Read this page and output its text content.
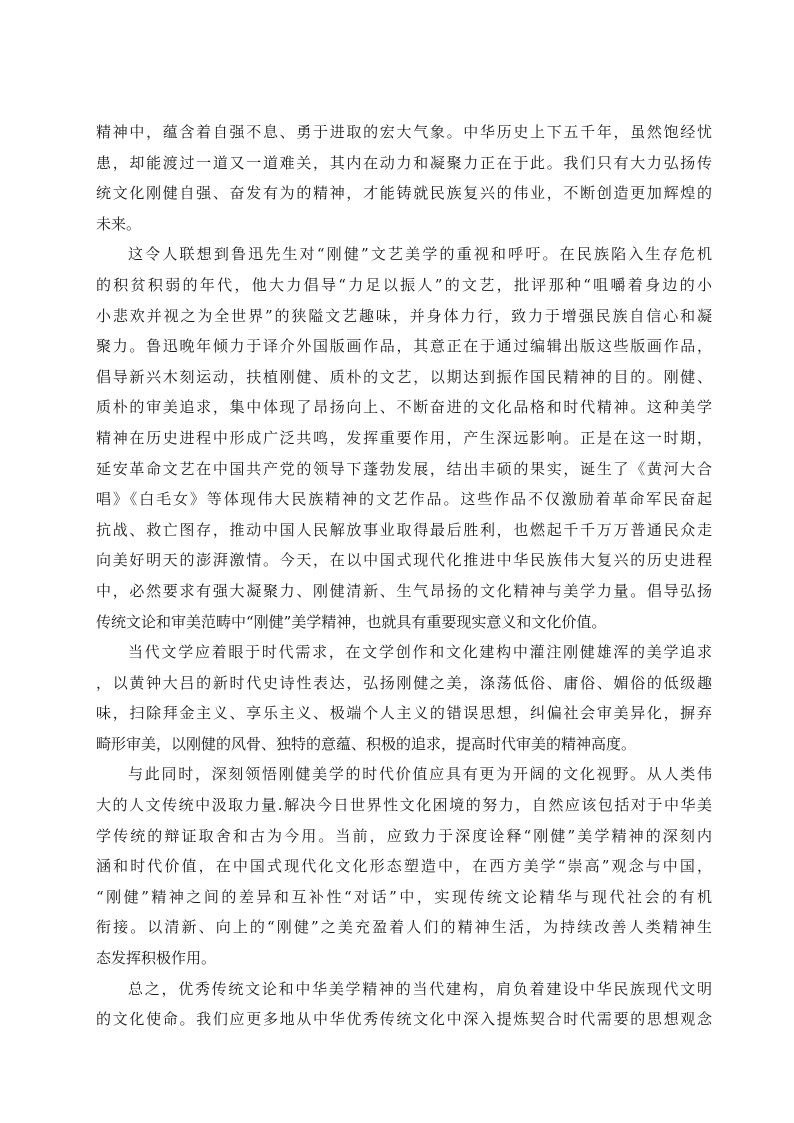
精神中，蕴含着自强不息、勇于进取的宏大气象。中华历史上下五千年，虽然饱经忧
患，却能渡过一道又一道难关，其内在动力和凝聚力正在于此。我们只有大力弘扬传
统文化刚健自强、奋发有为的精神，才能铸就民族复兴的伟业，不断创造更加辉煌的
未来。
这令人联想到鲁迅先生对“刚健”文艺美学的重视和呼吁。在民族陷入生存危机
的积贫积弱的年代，他大力倡导“力足以振人”的文艺，批评那种“咀嚼着身边的小
小悲欢并视之为全世界”的狭隘文艺趣味，并身体力行，致力于增强民族自信心和凝
聚力。鲁迅晚年倾力于译介外国版画作品，其意正在于通过编辑出版这些版画作品，
倡导新兴木刻运动，扶植刚健、质朴的文艺，以期达到振作国民精神的目的。刚健、
质朴的审美追求，集中体现了昂扬向上、不断奋进的文化品格和时代精神。这种美学
精神在历史进程中形成广泛共鸣，发挥重要作用，产生深远影响。正是在这一时期，
延安革命文艺在中国共产党的领导下蓬勃发展，结出丰硕的果实，诞生了《黄河大合
唱》《白毛女》等体现伟大民族精神的文艺作品。这些作品不仅激励着革命军民奋起
抗战、救亡图存，推动中国人民解放事业取得最后胜利，也燃起千千万万普通民众走
向美好明天的澎湃激情。今天，在以中国式现代化推进中华民族伟大复兴的历史进程
中，必然要求有强大凝聚力、刚健清新、生气昂扬的文化精神与美学力量。倡导弘扬
传统文论和审美范畴中“刚健”美学精神，也就具有重要现实意义和文化价值。
当代文学应着眼于时代需求，在文学创作和文化建构中灌注刚健雄浑的美学追求
，以黄钟大吕的新时代史诗性表达，弘扬刚健之美，涤荡低俗、庸俗、媚俗的低级趣
味，扫除拜金主义、享乐主义、极端个人主义的错误思想，纠偏社会审美异化，摒弃
畸形审美，以刚健的风骨、独特的意蕴、积极的追求，提高时代审美的精神高度。
与此同时，深刻领悟刚健美学的时代价值应具有更为开阔的文化视野。从人类伟
大的人文传统中汲取力量.解决今日世界性文化困境的努力，自然应该包括对于中华美
学传统的辩证取舍和古为今用。当前，应致力于深度诠释“刚健”美学精神的深刻内
涵和时代价值，在中国式现代化文化形态塑造中，在西方美学“崇高”观念与中国，
“刚健”精神之间的差异和互补性“对话”中，实现传统文论精华与现代社会的有机
衔接。以清新、向上的“刚健”之美充盈着人们的精神生活，为持续改善人类精神生
态发挥积极作用。
总之，优秀传统文论和中华美学精神的当代建构，肩负着建设中华民族现代文明
的文化使命。我们应更多地从中华优秀传统文化中深入提炼契合时代需要的思想观念
